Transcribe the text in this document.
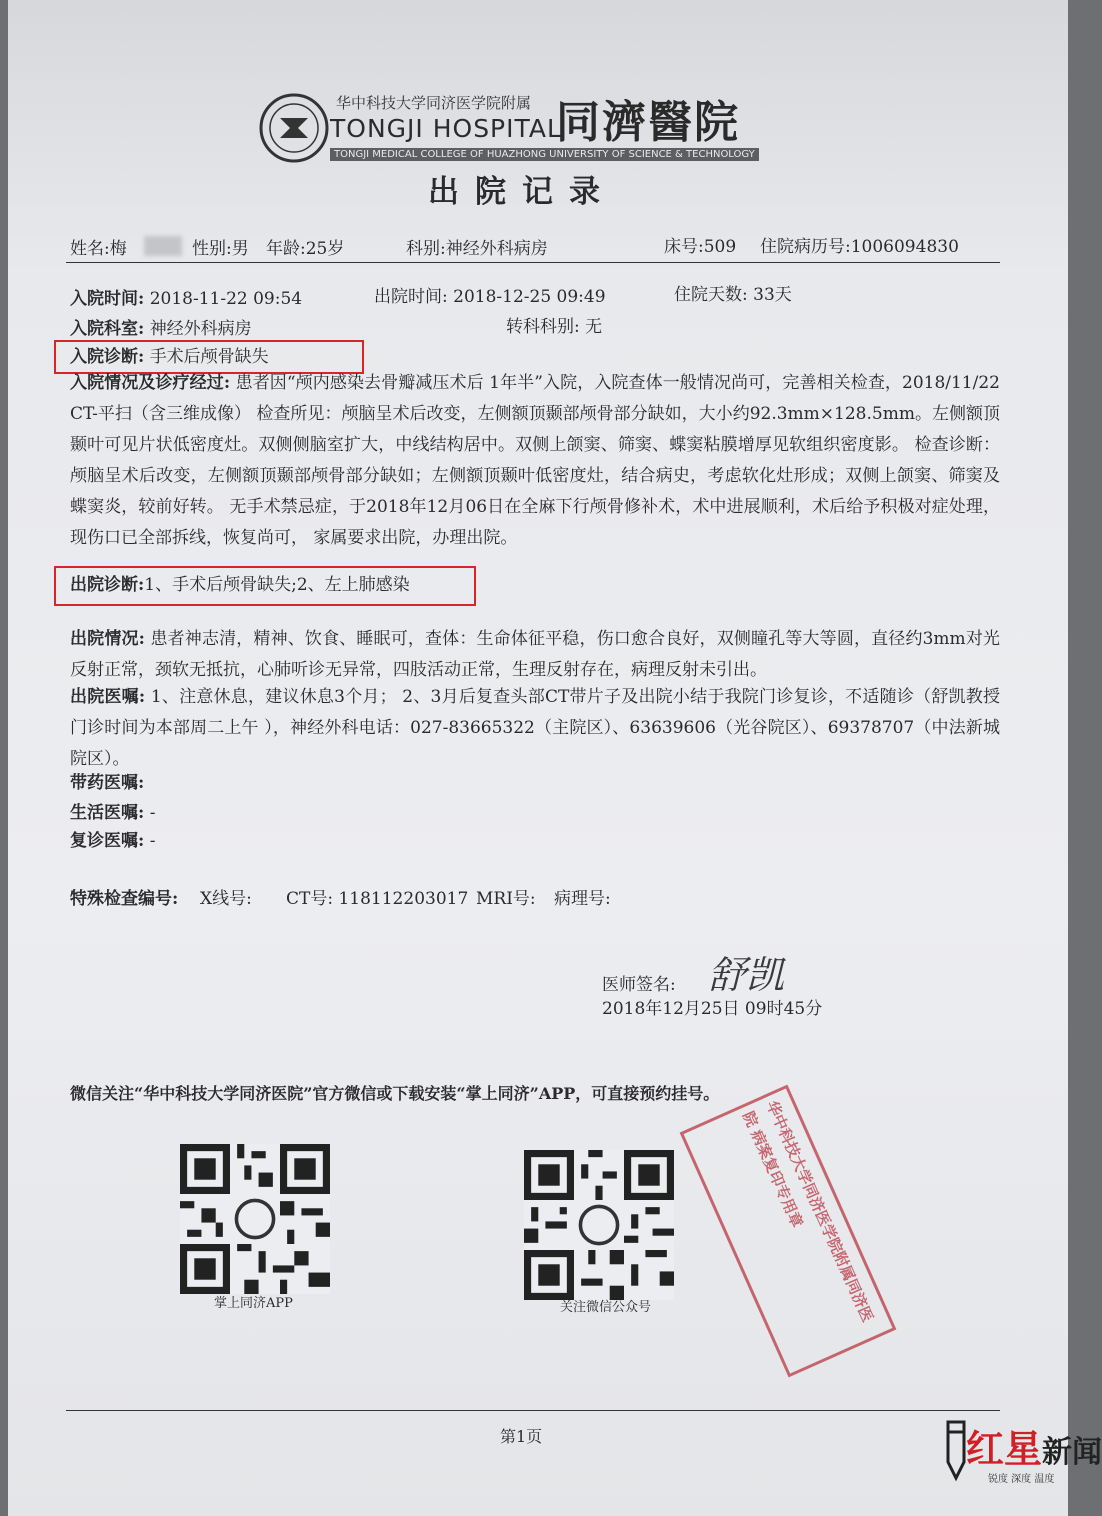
华中科技大学同济医学院附属
TONGJI HOSPITAL
同濟醫院
TONGJI MEDICAL COLLEGE OF HUAZHONG UNIVERSITY OF SCIENCE & TECHNOLOGY
出院记录
姓名:梅	性别:男 年龄:25岁	科别:神经外科病房	床号:509 住院病历号:1006094830
入院时间: 2018-11-22 09:54	出院时间: 2018-12-25 09:49	住院天数: 33天
入院科室: 神经外科病房	转科科别: 无
入院诊断: 手术后颅骨缺失
入院情况及诊疗经过: 患者因“颅内感染去骨瓣减压术后 1年半”入院，入院查体一般情况尚可，完善相关检查，2018/11/22 CT-平扫（含三维成像） 检查所见：颅脑呈术后改变，左侧额顶颞部颅骨部分缺如，大小约92.3mm×128.5mm。左侧额顶颞叶可见片状低密度灶。双侧侧脑室扩大，中线结构居中。双侧上颌窦、筛窦、蝶窦粘膜增厚见软组织密度影。 检查诊断：颅脑呈术后改变，左侧额顶颞部颅骨部分缺如；左侧额顶颞叶低密度灶，结合病史，考虑软化灶形成；双侧上颌窦、筛窦及蝶窦炎，较前好转。 无手术禁忌症，于2018年12月06日在全麻下行颅骨修补术，术中进展顺利，术后给予积极对症处理，现伤口已全部拆线，恢复尚可， 家属要求出院，办理出院。
出院诊断:1、手术后颅骨缺失;2、左上肺感染
出院情况: 患者神志清，精神、饮食、睡眠可，查体：生命体征平稳，伤口愈合良好，双侧瞳孔等大等圆，直径约3mm对光反射正常，颈软无抵抗，心肺听诊无异常，四肢活动正常，生理反射存在，病理反射未引出。
出院医嘱: 1、注意休息，建议休息3个月； 2、3月后复查头部CT带片子及出院小结于我院门诊复诊，不适随诊（舒凯教授门诊时间为本部周二上午 ），神经外科电话：027-83665322（主院区）、63639606（光谷院区）、69378707（中法新城院区）。
带药医嘱:
生活医嘱: -
复诊医嘱: -
特殊检查编号: X线号: CT号: 118112203017 MRI号: 病理号:
医师签名: 舒凯
2018年12月25日 09时45分
微信关注“华中科技大学同济医院”官方微信或下载安装“掌上同济”APP，可直接预约挂号。
掌上同济APP	关注微信公众号	华中科技大学同济医学院附属同济医院 病案复印专用章
第1页	红星新闻
锐度 深度 温度
